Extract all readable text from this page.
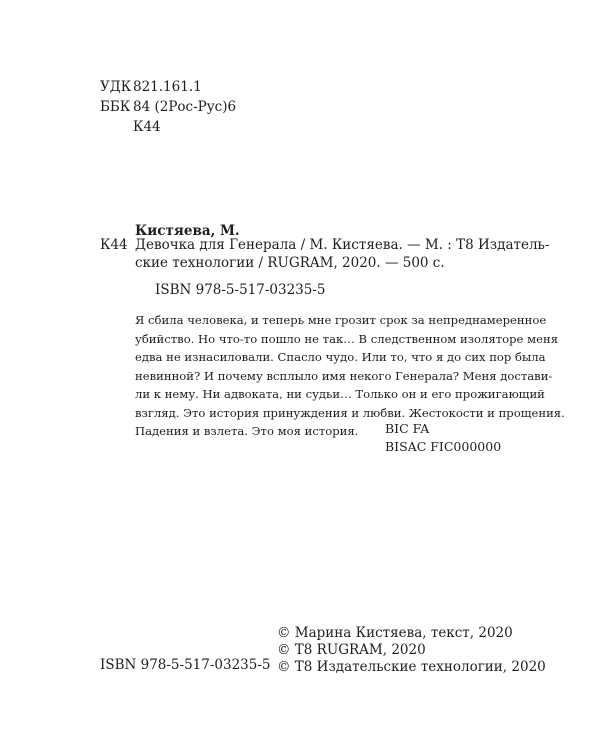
УДК 821.161.1
ББК 84 (2Рос-Рус)6
К44
Кистяева, М.
К44 Девочка для Генерала / М. Кистяева. — М. : Т8 Издатель-
ские технологии / RUGRAM, 2020. — 500 с.
ISBN 978-5-517-03235-5
Я сбила человека, и теперь мне грозит срок за непреднамеренное
убийство. Но что-то пошло не так… В следственном изоляторе меня
едва не изнасиловали. Спасло чудо. Или то, что я до сих пор была
невинной? И почему всплыло имя некого Генерала? Меня достави-
ли к нему. Ни адвоката, ни судьи… Только он и его прожигающий
взгляд. Это история принуждения и любви. Жестокости и прощения.
Падения и взлета. Это моя история.	BIC FA
BISAC FIC000000
© Марина Кистяева, текст, 2020
© Т8 RUGRAM, 2020
© Т8 Издательские технологии, 2020
ISBN 978-5-517-03235-5
